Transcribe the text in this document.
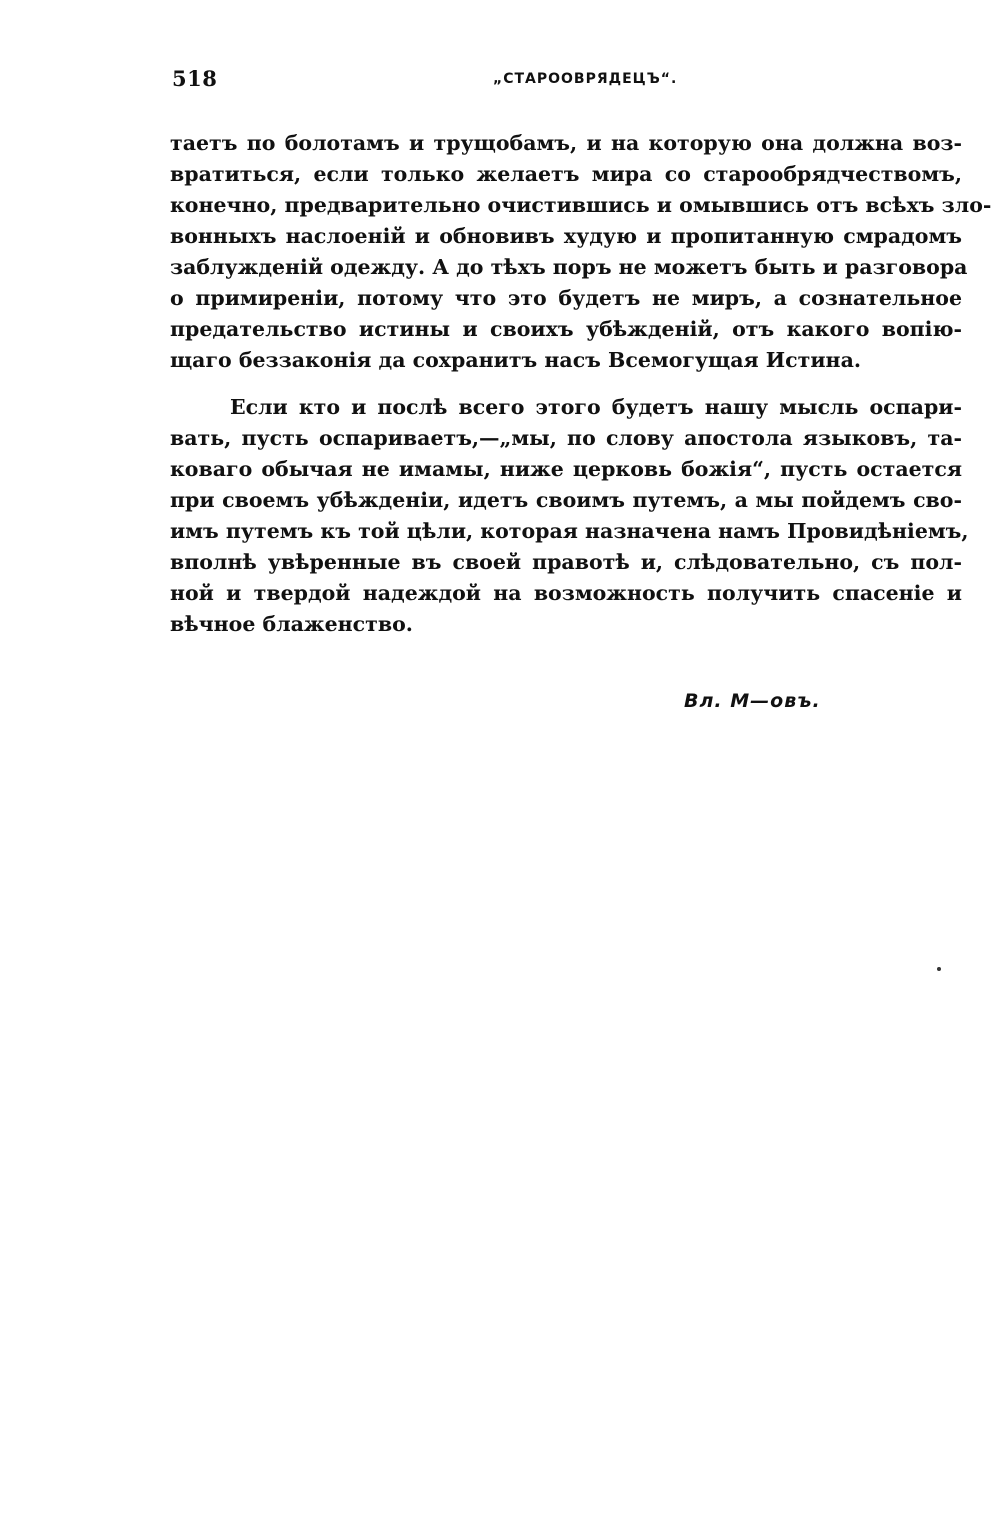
518	„СТАРООВРЯДЕЦЪ“.
таетъ по болотамъ и трущобамъ, и на которую она должна воз-
вратиться, если только желаетъ мира со старообрядчествомъ,
конечно, предварительно очистившись и омывшись отъ всѣхъ зло-
вонныхъ наслоеній и обновивъ худую и пропитанную смрадомъ
заблужденій одежду. А до тѣхъ поръ не можетъ быть и разговора
о примиреніи, потому что это будетъ не миръ, а сознательное
предательство истины и своихъ убѣжденій, отъ какого вопію-
щаго беззаконія да сохранитъ насъ Всемогущая Истина.
Если кто и послѣ всего этого будетъ нашу мысль оспари-
вать, пусть оспариваетъ,—„мы, по слову апостола языковъ, та-
коваго обычая не имамы, ниже церковь божія“, пусть остается
при своемъ убѣжденіи, идетъ своимъ путемъ, а мы пойдемъ сво-
имъ путемъ къ той цѣли, которая назначена намъ Провидѣніемъ,
вполнѣ увѣренные въ своей правотѣ и, слѣдовательно, съ пол-
ной и твердой надеждой на возможность получить спасеніе и
вѣчное блаженство.
Вл. М—овъ.
